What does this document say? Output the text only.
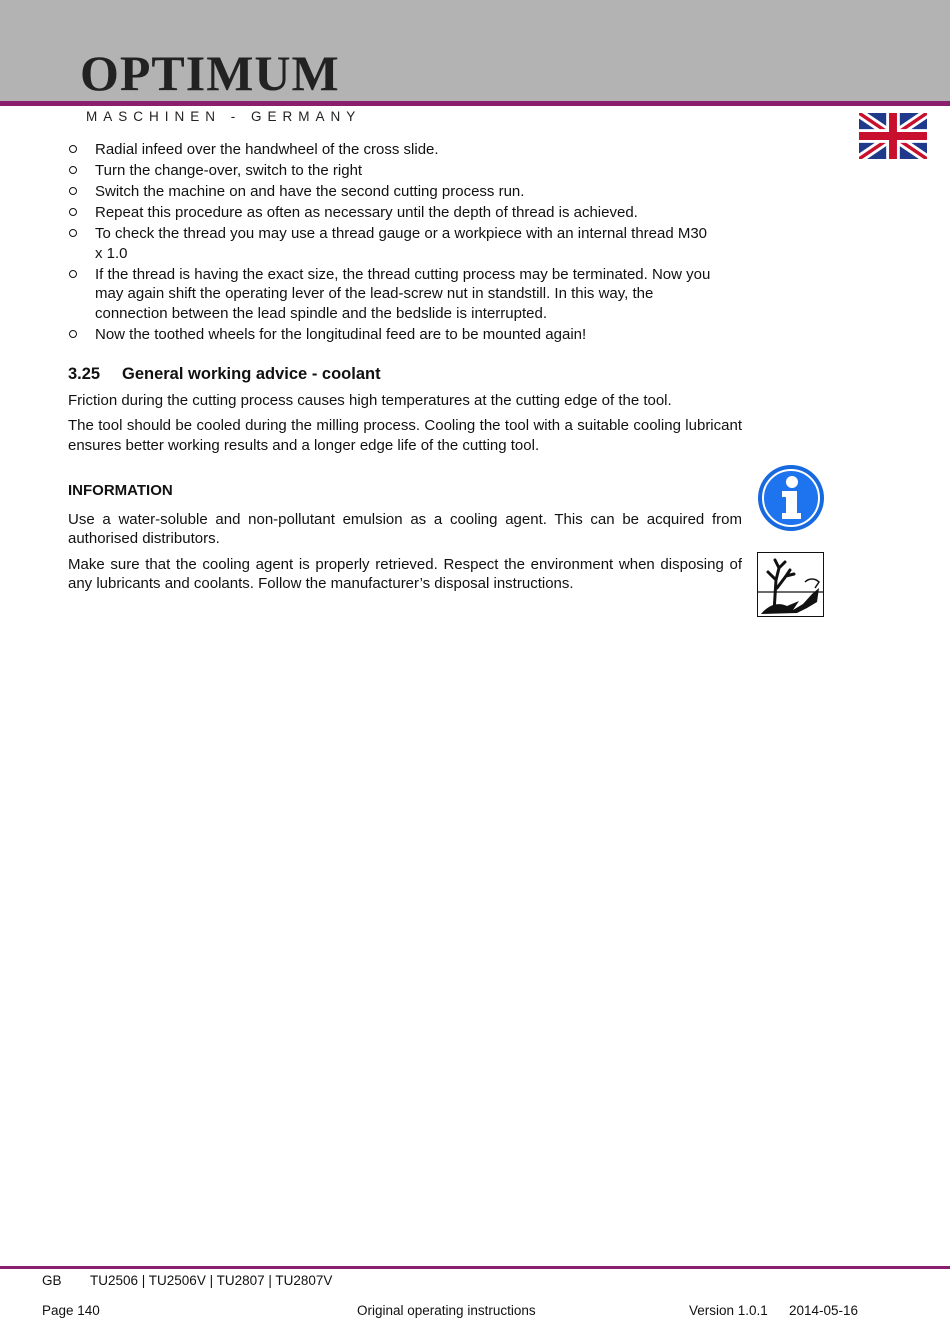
OPTIMUM
MASCHINEN - GERMANY
Radial infeed over the handwheel of the cross slide.
Turn the change-over, switch to the right
Switch the machine on and have the second cutting process run.
Repeat this procedure as often as necessary until the depth of thread is achieved.
To check the thread you may use a thread gauge or a workpiece with an internal thread M30 x 1.0
If the thread is having the exact size, the thread cutting process may be terminated. Now you may again shift the operating lever of the lead-screw nut in standstill. In this way, the connection between the lead spindle and the bedslide is interrupted.
Now the toothed wheels for the longitudinal feed are to be mounted again!
3.25	General working advice - coolant

Friction during the cutting process causes high temperatures at the cutting edge of the tool.

The tool should be cooled during the milling process. Cooling the tool with a suitable cooling lubricant ensures better working results and a longer edge life of the cutting tool.

INFORMATION

Use a water-soluble and non-pollutant emulsion as a cooling agent. This can be acquired from authorised distributors.

Make sure that the cooling agent is properly retrieved. Respect the environment when disposing of any lubricants and coolants. Follow the manufacturer’s disposal instructions.

GB TU2506 | TU2506V | TU2807 | TU2807V
Page 140	Original operating instructions	Version 1.0.1 2014-05-16
